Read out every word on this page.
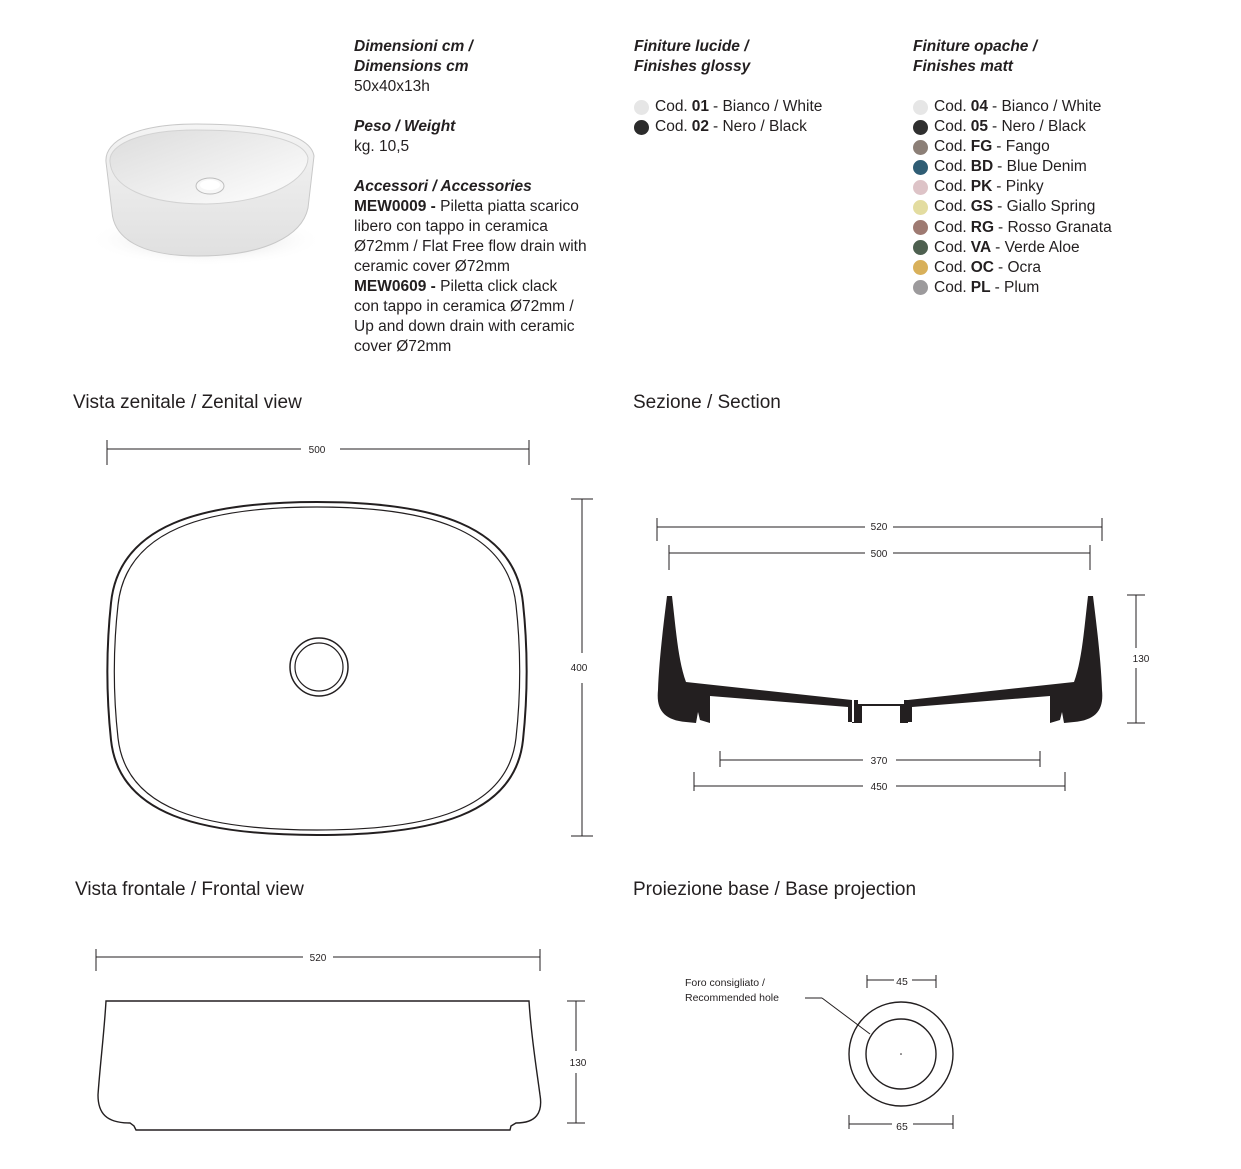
Dimensioni cm /
Dimensions cm
50x40x13h
Peso / Weight
kg. 10,5
Accessori / Accessories
MEW0009 - Piletta piatta scarico
libero con tappo in ceramica
Ø72mm / Flat Free flow drain with
ceramic cover Ø72mm
MEW0609 - Piletta click clack
con tappo in ceramica Ø72mm /
Up and down drain with ceramic
cover Ø72mm
Finiture lucide /
Finishes glossy
Cod. 01 - Bianco / White
Cod. 02 - Nero / Black
Finiture opache /
Finishes matt
Cod. 04 - Bianco / White
Cod. 05 - Nero / Black
Cod. FG - Fango
Cod. BD - Blue Denim
Cod. PK - Pinky
Cod. GS - Giallo Spring
Cod. RG - Rosso Granata
Cod. VA - Verde Aloe
Cod. OC - Ocra
Cod. PL - Plum
Vista zenitale / Zenital view	Sezione / Section
Vista frontale / Frontal view	Proiezione base / Base projection
500
400
520
500
130
370
450
520
130
Foro consigliato /
Recommended hole
45
65
